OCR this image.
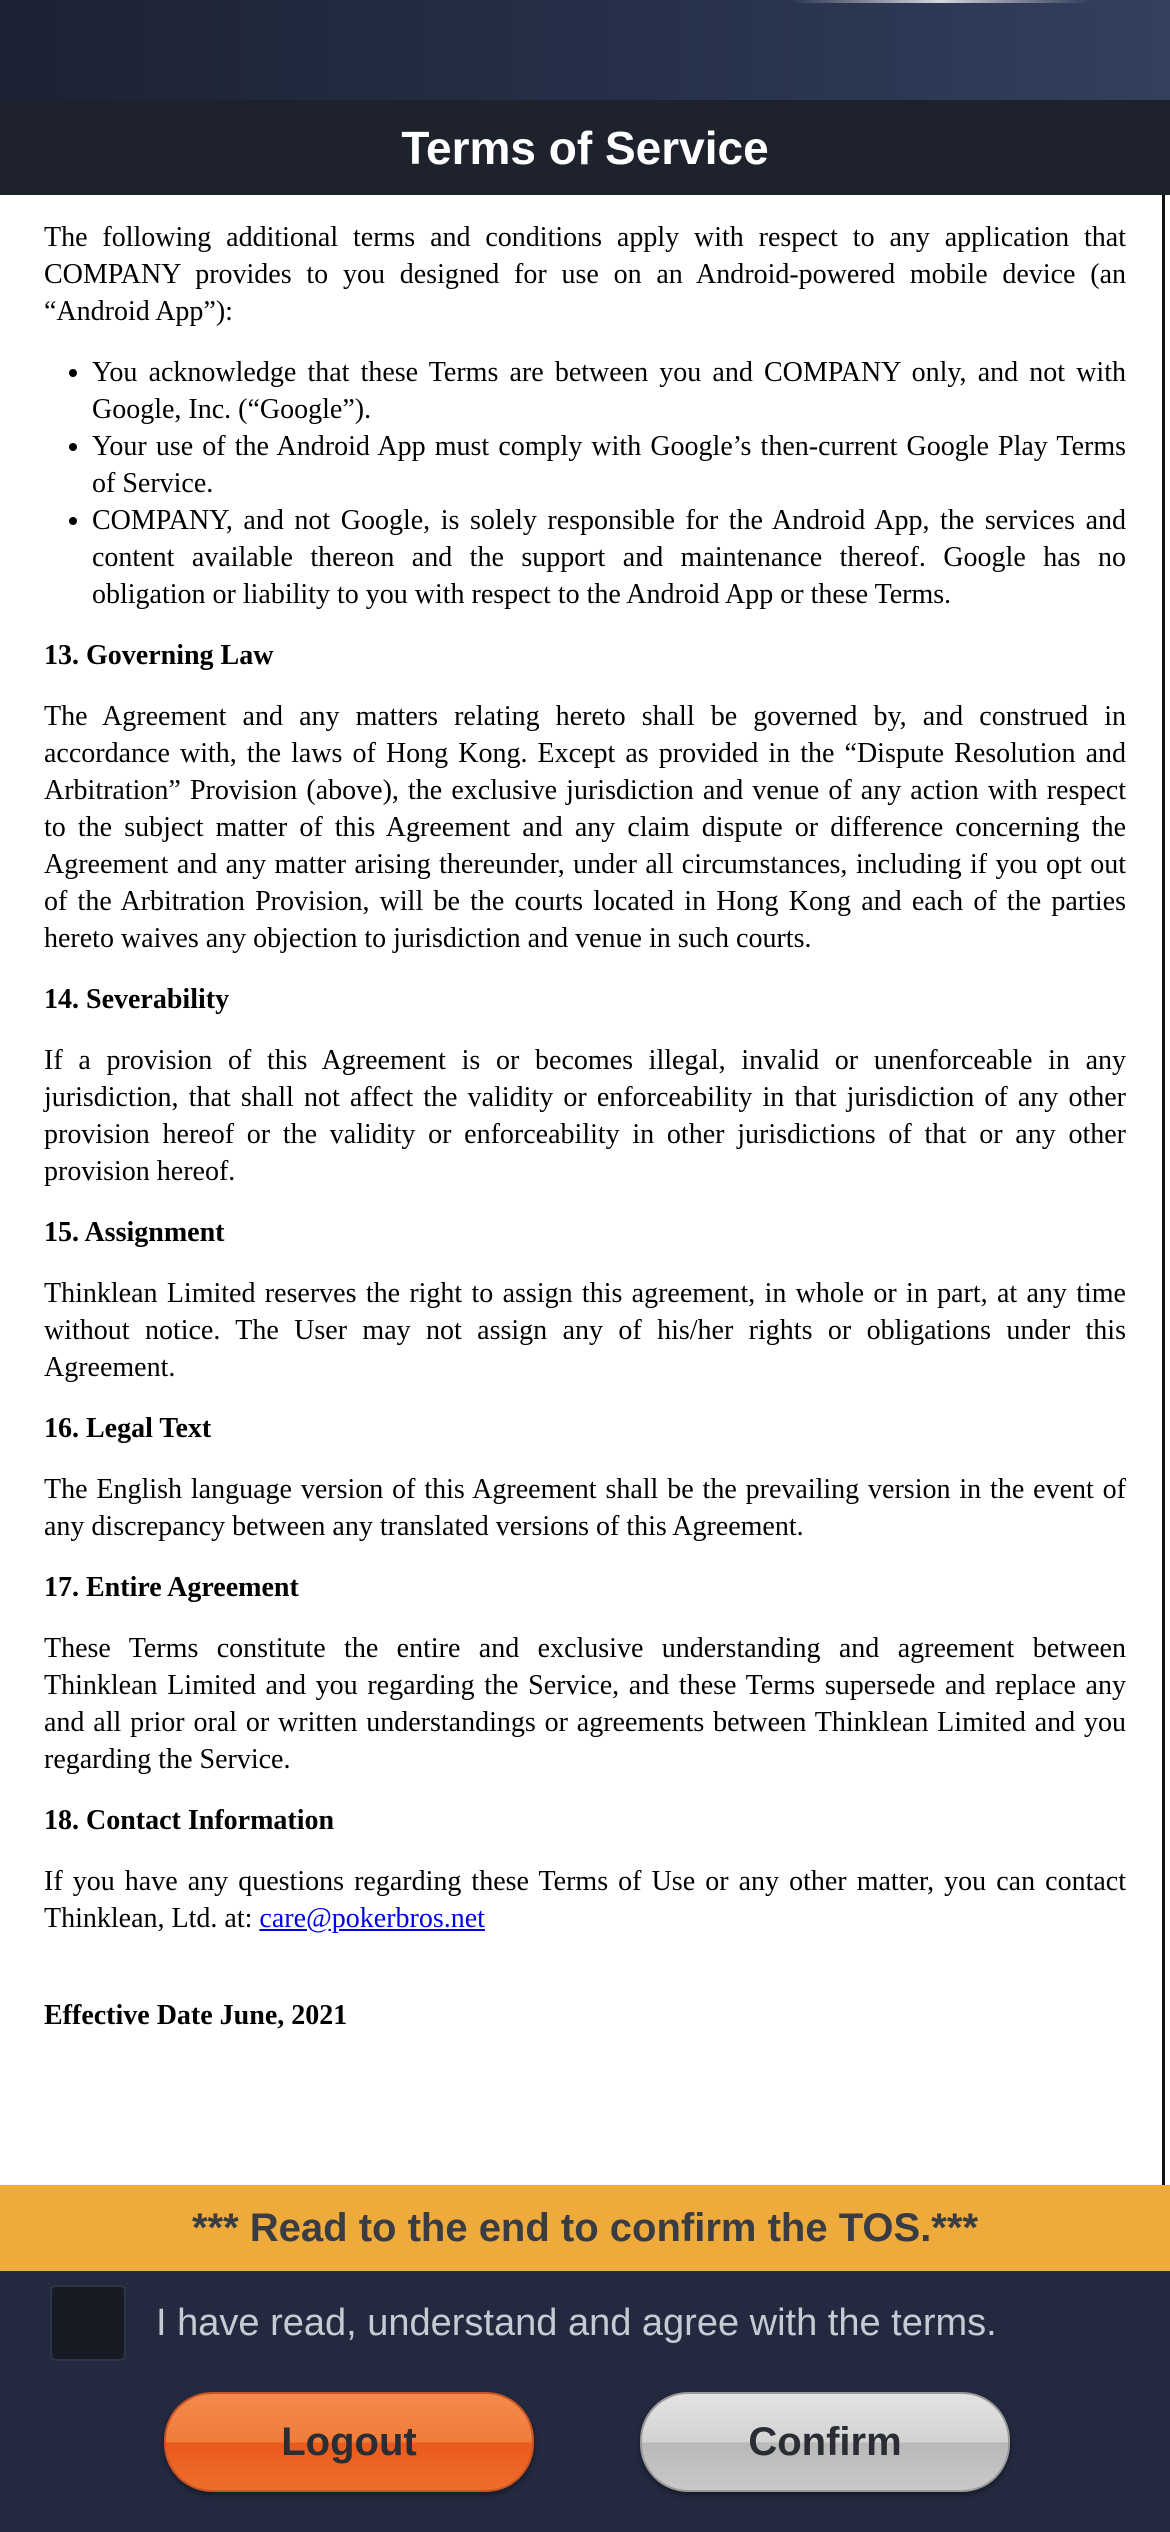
Terms of Service

The following additional terms and conditions apply with respect to any application that COMPANY provides to you designed for use on an Android-powered mobile device (an “Android App”):

• You acknowledge that these Terms are between you and COMPANY only, and not with Google, Inc. (“Google”).
• Your use of the Android App must comply with Google’s then-current Google Play Terms of Service.
• COMPANY, and not Google, is solely responsible for the Android App, the services and content available thereon and the support and maintenance thereof. Google has no obligation or liability to you with respect to the Android App or these Terms.
13. Governing Law

The Agreement and any matters relating hereto shall be governed by, and construed in accordance with, the laws of Hong Kong. Except as provided in the “Dispute Resolution and Arbitration” Provision (above), the exclusive jurisdiction and venue of any action with respect to the subject matter of this Agreement and any claim dispute or difference concerning the Agreement and any matter arising thereunder, under all circumstances, including if you opt out of the Arbitration Provision, will be the courts located in Hong Kong and each of the parties hereto waives any objection to jurisdiction and venue in such courts.

14. Severability

If a provision of this Agreement is or becomes illegal, invalid or unenforceable in any jurisdiction, that shall not affect the validity or enforceability in that jurisdiction of any other provision hereof or the validity or enforceability in other jurisdictions of that or any other provision hereof.

15. Assignment

Thinklean Limited reserves the right to assign this agreement, in whole or in part, at any time without notice. The User may not assign any of his/her rights or obligations under this Agreement.

16. Legal Text

The English language version of this Agreement shall be the prevailing version in the event of any discrepancy between any translated versions of this Agreement.

17. Entire Agreement

These Terms constitute the entire and exclusive understanding and agreement between Thinklean Limited and you regarding the Service, and these Terms supersede and replace any and all prior oral or written understandings or agreements between Thinklean Limited and you regarding the Service.

18. Contact Information

If you have any questions regarding these Terms of Use or any other matter, you can contact Thinklean, Ltd. at: care@pokerbros.net

Effective Date June, 2021

*** Read to the end to confirm the TOS.***
I have read, understand and agree with the terms.
Logout	Confirm
